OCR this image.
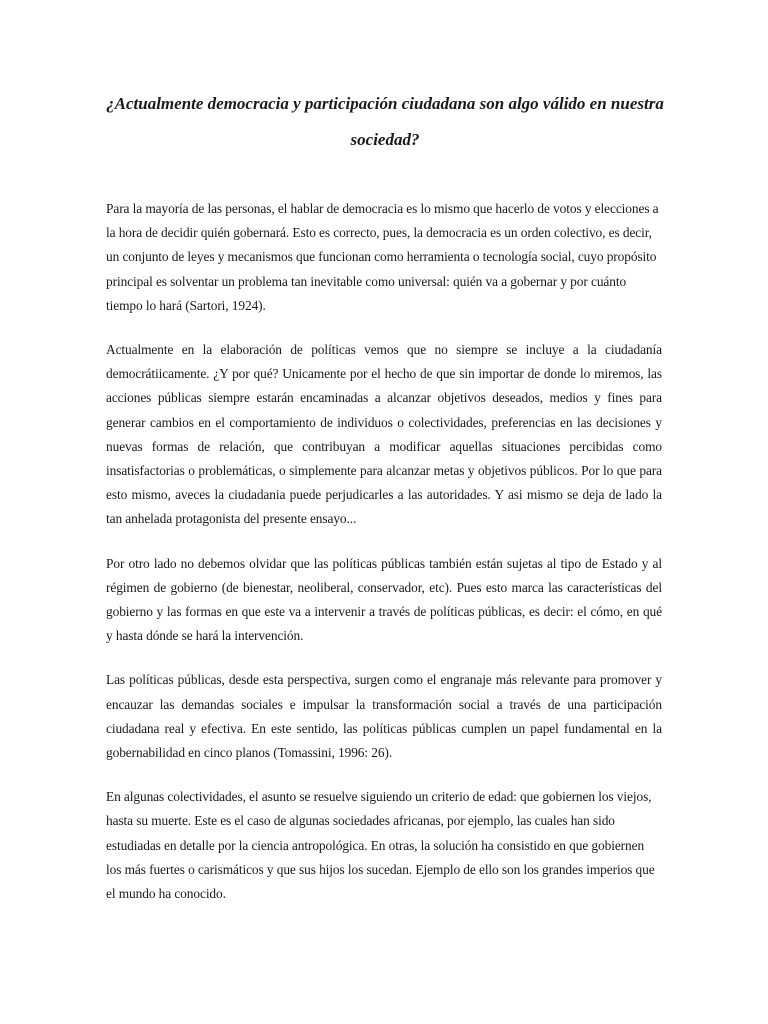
¿Actualmente democracia y participación ciudadana son algo válido en nuestra sociedad?

Para la mayoría de las personas, el hablar de democracia es lo mismo que hacerlo de votos y elecciones a la hora de decidir quién gobernará. Esto es correcto, pues, la democracia es un orden colectivo, es decir, un conjunto de leyes y mecanismos que funcionan como herramienta o tecnología social, cuyo propósito principal es solventar un problema tan inevitable como universal: quién va a gobernar y por cuánto tiempo lo hará (Sartori, 1924).

Actualmente en la elaboración de políticas vemos que no siempre se incluye a la ciudadanía democrátiicamente. ¿Y por qué? Unicamente por el hecho de que sin importar de donde lo miremos, las acciones públicas siempre estarán encaminadas a alcanzar objetivos deseados, medios y fines para generar cambios en el comportamiento de individuos o colectividades, preferencias en las decisiones y nuevas formas de relación, que contribuyan a modificar aquellas situaciones percibidas como insatisfactorias o problemáticas, o simplemente para alcanzar metas y objetivos públicos. Por lo que para esto mismo, aveces la ciudadania puede perjudicarles a las autoridades. Y asi mismo se deja de lado la tan anhelada protagonista del presente ensayo...

Por otro lado no debemos olvidar que las políticas públicas también están sujetas al tipo de Estado y al régimen de gobierno (de bienestar, neoliberal, conservador, etc). Pues esto marca las características del gobierno y las formas en que este va a intervenir a través de políticas públicas, es decir: el cómo, en qué y hasta dónde se hará la intervención.

Las políticas públicas, desde esta perspectiva, surgen como el engranaje más relevante para promover y encauzar las demandas sociales e impulsar la transformación social a través de una participación ciudadana real y efectiva. En este sentido, las políticas públicas cumplen un papel fundamental en la gobernabilidad en cinco planos (Tomassini, 1996: 26).

En algunas colectividades, el asunto se resuelve siguiendo un criterio de edad: que gobiernen los viejos, hasta su muerte. Este es el caso de algunas sociedades africanas, por ejemplo, las cuales han sido estudiadas en detalle por la ciencia antropológica. En otras, la solución ha consistido en que gobiernen los más fuertes o carismáticos y que sus hijos los sucedan. Ejemplo de ello son los grandes imperios que el mundo ha conocido.
